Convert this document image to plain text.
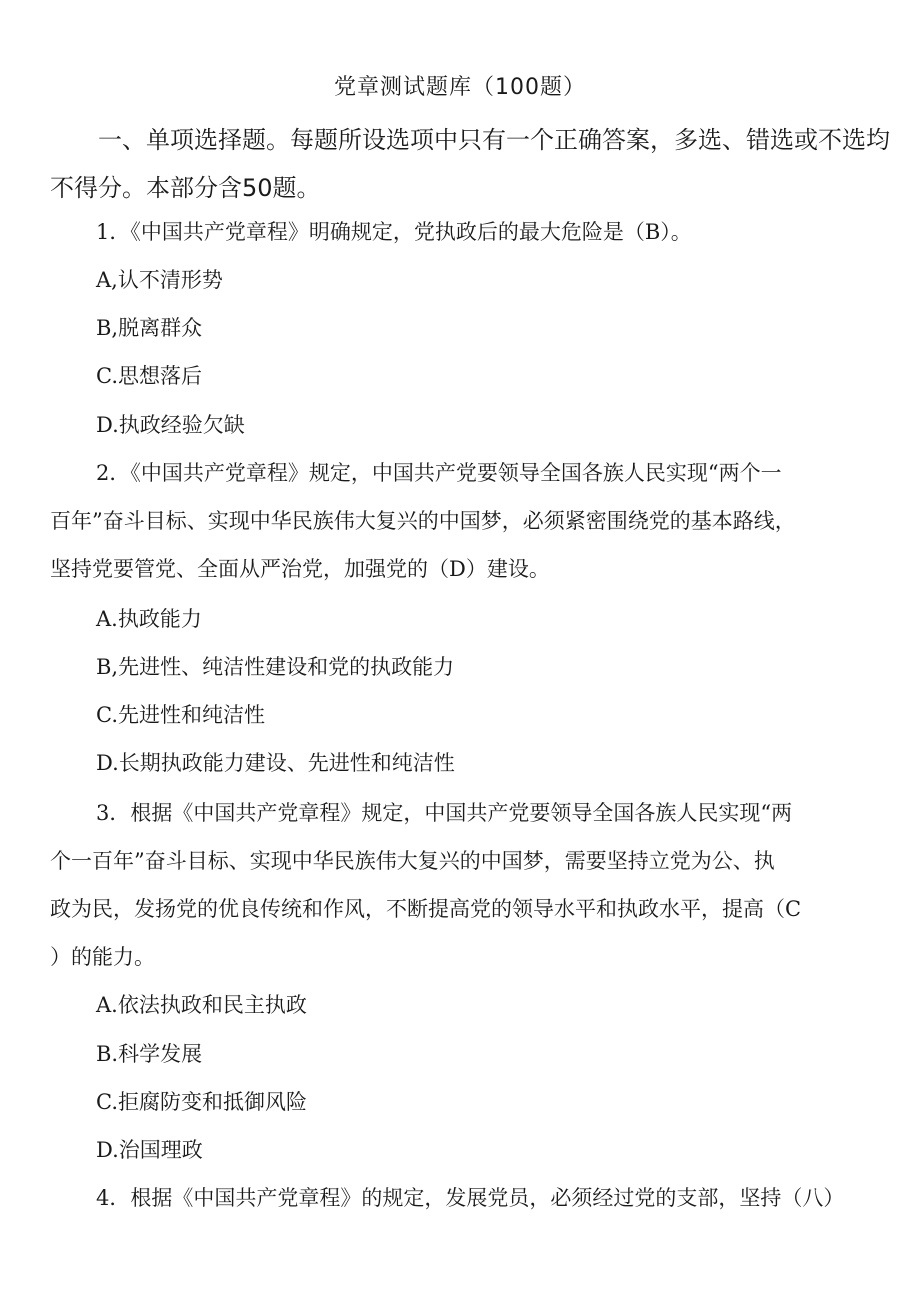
党章测试题库（100题）
一、单项选择题。每题所设选项中只有一个正确答案，多选、错选或不选均
不得分。本部分含50题。
1．《中国共产党章程》明确规定，党执政后的最大危险是（B）。
A,认不清形势
B,脱离群众
C.思想落后
D.执政经验欠缺
2．《中国共产党章程》规定，中国共产党要领导全国各族人民实现“两个一
百年”奋斗目标、实现中华民族伟大复兴的中国梦，必须紧密围绕党的基本路线，
坚持党要管党、全面从严治党，加强党的（D）建设。
A.执政能力
B,先进性、纯洁性建设和党的执政能力
C.先进性和纯洁性
D.长期执政能力建设、先进性和纯洁性
3．根据《中国共产党章程》规定，中国共产党要领导全国各族人民实现“两
个一百年”奋斗目标、实现中华民族伟大复兴的中国梦，需要坚持立党为公、执
政为民，发扬党的优良传统和作风，不断提高党的领导水平和执政水平，提高（C
）的能力。
A.依法执政和民主执政
B.科学发展
C.拒腐防变和抵御风险
D.治国理政
4．根据《中国共产党章程》的规定，发展党员，必须经过党的支部，坚持（八）
